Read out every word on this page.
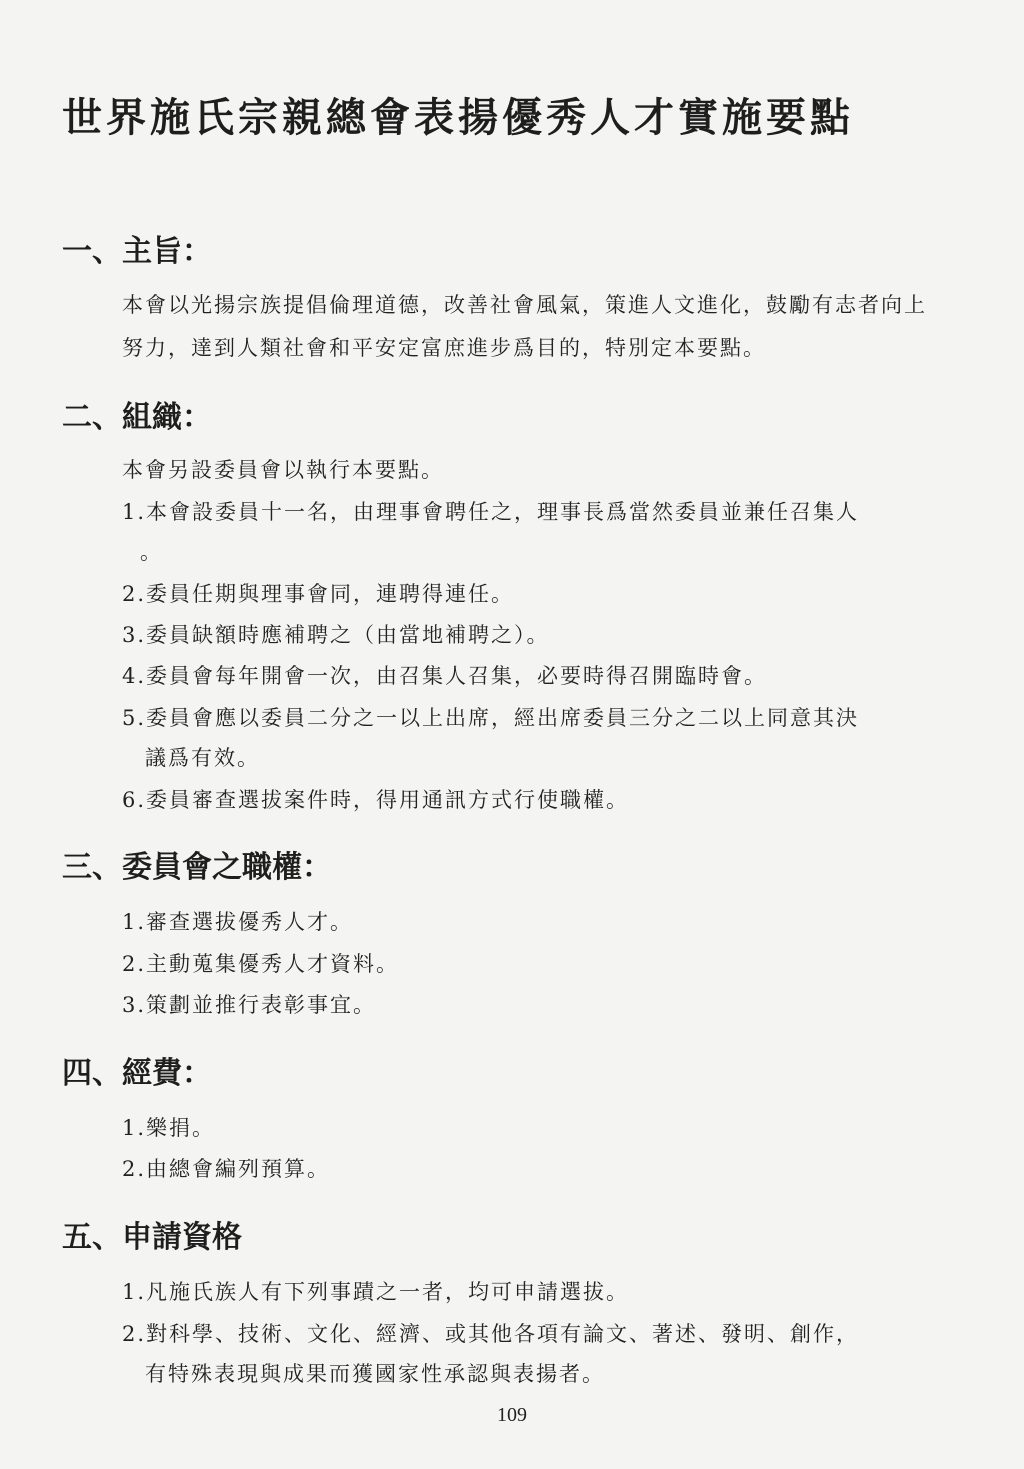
世界施氏宗親總會表揚優秀人才實施要點
一、主旨：
本會以光揚宗族提倡倫理道德，改善社會風氣，策進人文進化，鼓勵有志者向上努力，達到人類社會和平安定富庶進步爲目的，特別定本要點。
二、組織：
本會另設委員會以執行本要點。
1.本會設委員十一名，由理事會聘任之，理事長爲當然委員並兼任召集人
。
2.委員任期與理事會同，連聘得連任。
3.委員缺額時應補聘之（由當地補聘之）。
4.委員會每年開會一次，由召集人召集，必要時得召開臨時會。
5.委員會應以委員二分之一以上出席，經出席委員三分之二以上同意其決
議爲有效。
6.委員審查選拔案件時，得用通訊方式行使職權。
三、委員會之職權：
1.審查選拔優秀人才。
2.主動蒐集優秀人才資料。
3.策劃並推行表彰事宜。
四、經費：
1.樂捐。
2.由總會編列預算。
五、申請資格
1.凡施氏族人有下列事蹟之一者，均可申請選拔。
2.對科學、技術、文化、經濟、或其他各項有論文、著述、發明、創作，
有特殊表現與成果而獲國家性承認與表揚者。
109
